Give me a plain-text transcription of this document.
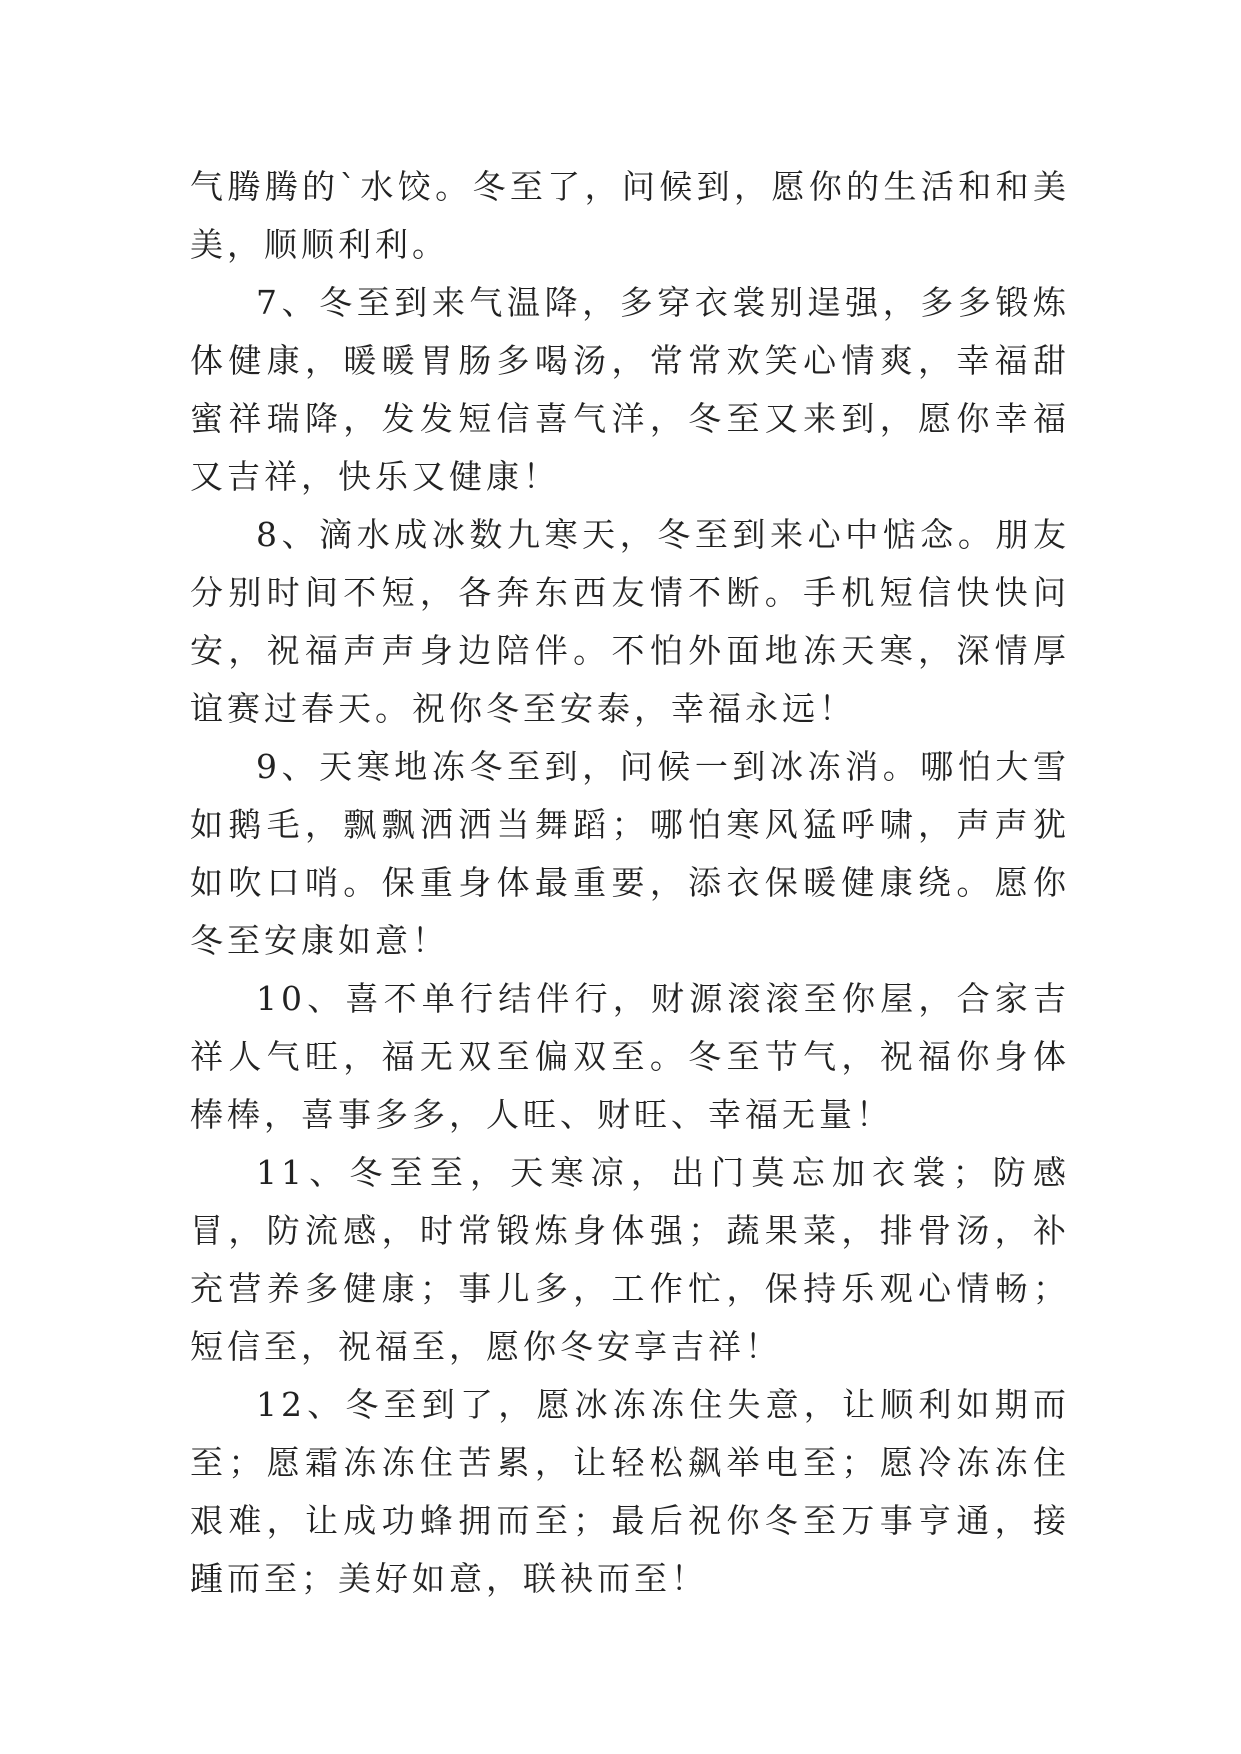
气腾腾的`水饺。冬至了，问候到，愿你的生活和和美美，顺顺利利。

7、冬至到来气温降，多穿衣裳别逞强，多多锻炼体健康，暖暖胃肠多喝汤，常常欢笑心情爽，幸福甜蜜祥瑞降，发发短信喜气洋，冬至又来到，愿你幸福又吉祥，快乐又健康！

8、滴水成冰数九寒天，冬至到来心中惦念。朋友分别时间不短，各奔东西友情不断。手机短信快快问安，祝福声声身边陪伴。不怕外面地冻天寒，深情厚谊赛过春天。祝你冬至安泰，幸福永远！

9、天寒地冻冬至到，问候一到冰冻消。哪怕大雪如鹅毛，飘飘洒洒当舞蹈；哪怕寒风猛呼啸，声声犹如吹口哨。保重身体最重要，添衣保暖健康绕。愿你冬至安康如意！

10、喜不单行结伴行，财源滚滚至你屋，合家吉祥人气旺，福无双至偏双至。冬至节气，祝福你身体棒棒，喜事多多，人旺、财旺、幸福无量！

11、冬至至，天寒凉，出门莫忘加衣裳；防感冒，防流感，时常锻炼身体强；蔬果菜，排骨汤，补充营养多健康；事儿多，工作忙，保持乐观心情畅；短信至，祝福至，愿你冬安享吉祥！

12、冬至到了，愿冰冻冻住失意，让顺利如期而至；愿霜冻冻住苦累，让轻松飙举电至；愿冷冻冻住艰难，让成功蜂拥而至；最后祝你冬至万事亨通，接踵而至；美好如意，联袂而至！
